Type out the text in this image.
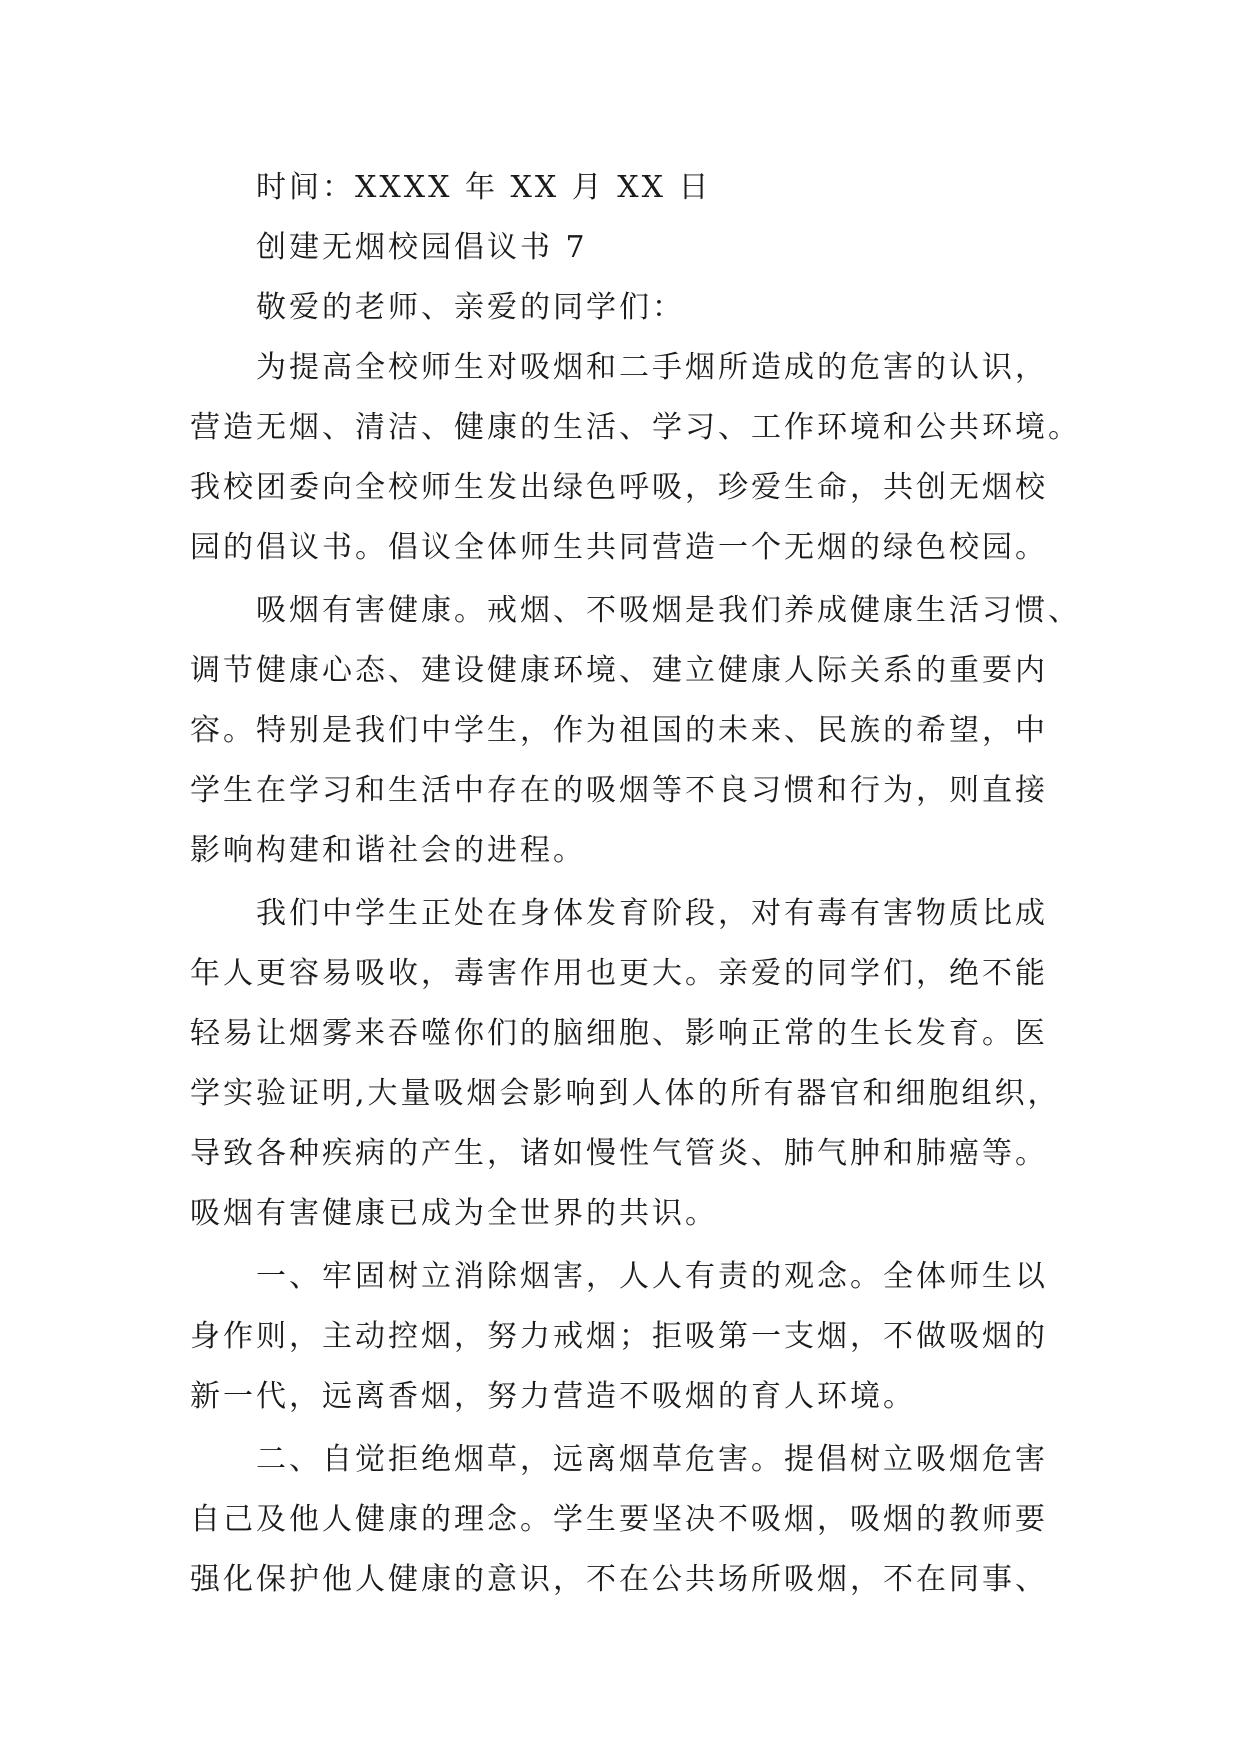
时间：XXXX 年 XX 月 XX 日
创建无烟校园倡议书 7
敬爱的老师、亲爱的同学们：
为提高全校师生对吸烟和二手烟所造成的危害的认识，
营造无烟、清洁、健康的生活、学习、工作环境和公共环境。
我校团委向全校师生发出绿色呼吸，珍爱生命，共创无烟校
园的倡议书。倡议全体师生共同营造一个无烟的绿色校园。
吸烟有害健康。戒烟、不吸烟是我们养成健康生活习惯、
调节健康心态、建设健康环境、建立健康人际关系的重要内
容。特别是我们中学生，作为祖国的未来、民族的希望，中
学生在学习和生活中存在的吸烟等不良习惯和行为，则直接
影响构建和谐社会的进程。
我们中学生正处在身体发育阶段，对有毒有害物质比成
年人更容易吸收，毒害作用也更大。亲爱的同学们，绝不能
轻易让烟雾来吞噬你们的脑细胞、影响正常的生长发育。医
学实验证明,大量吸烟会影响到人体的所有器官和细胞组织，
导致各种疾病的产生，诸如慢性气管炎、肺气肿和肺癌等。
吸烟有害健康已成为全世界的共识。
一、牢固树立消除烟害，人人有责的观念。全体师生以
身作则，主动控烟，努力戒烟；拒吸第一支烟，不做吸烟的
新一代，远离香烟，努力营造不吸烟的育人环境。
二、自觉拒绝烟草，远离烟草危害。提倡树立吸烟危害
自己及他人健康的理念。学生要坚决不吸烟，吸烟的教师要
强化保护他人健康的意识，不在公共场所吸烟，不在同事、
